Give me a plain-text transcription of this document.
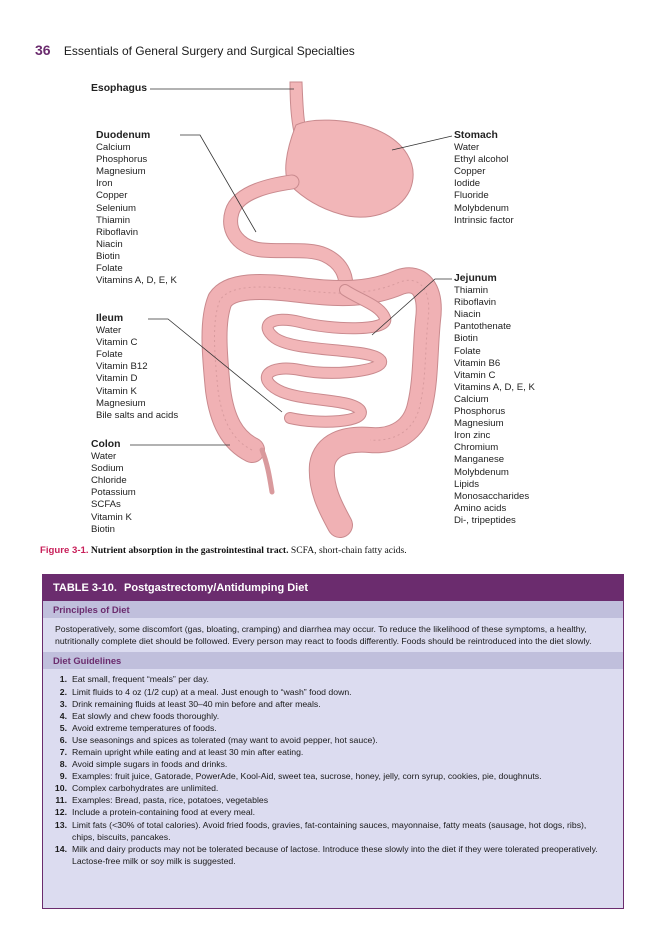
36 Essentials of General Surgery and Surgical Specialties
Esophagus
Duodenum
Calcium
Phosphorus
Magnesium
Iron
Copper
Selenium
Thiamin
Riboflavin
Niacin
Biotin
Folate
Vitamins A, D, E, K
Stomach
Water
Ethyl alcohol
Copper
Iodide
Fluoride
Molybdenum
Intrinsic factor
Jejunum
Thiamin
Riboflavin
Niacin
Pantothenate
Biotin
Folate
Vitamin B6
Vitamin C
Vitamins A, D, E, K
Calcium
Phosphorus
Magnesium
Iron zinc
Chromium
Manganese
Molybdenum
Lipids
Monosaccharides
Amino acids
Di-, tripeptides
Ileum
Water
Vitamin C
Folate
Vitamin B12
Vitamin D
Vitamin K
Magnesium
Bile salts and acids
Colon
Water
Sodium
Chloride
Potassium
SCFAs
Vitamin K
Biotin
Figure 3-1. Nutrient absorption in the gastrointestinal tract. SCFA, short-chain fatty acids.
TABLE 3-10. Postgastrectomy/Antidumping Diet
Principles of Diet
Postoperatively, some discomfort (gas, bloating, cramping) and diarrhea may occur. To reduce the likelihood of these symptoms, a healthy, nutritionally complete diet should be followed. Every person may react to foods differently. Foods should be reintroduced into the diet slowly.
Diet Guidelines
1. Eat small, frequent “meals” per day.
2. Limit fluids to 4 oz (1/2 cup) at a meal. Just enough to “wash” food down.
3. Drink remaining fluids at least 30–40 min before and after meals.
4. Eat slowly and chew foods thoroughly.
5. Avoid extreme temperatures of foods.
6. Use seasonings and spices as tolerated (may want to avoid pepper, hot sauce).
7. Remain upright while eating and at least 30 min after eating.
8. Avoid simple sugars in foods and drinks.
9. Examples: fruit juice, Gatorade, PowerAde, Kool-Aid, sweet tea, sucrose, honey, jelly, corn syrup, cookies, pie, doughnuts.
10. Complex carbohydrates are unlimited.
11. Examples: Bread, pasta, rice, potatoes, vegetables
12. Include a protein-containing food at every meal.
13. Limit fats (<30% of total calories). Avoid fried foods, gravies, fat-containing sauces, mayonnaise, fatty meats (sausage, hot dogs, ribs), chips, biscuits, pancakes.
14. Milk and dairy products may not be tolerated because of lactose. Introduce these slowly into the diet if they were tolerated preoperatively. Lactose-free milk or soy milk is suggested.
